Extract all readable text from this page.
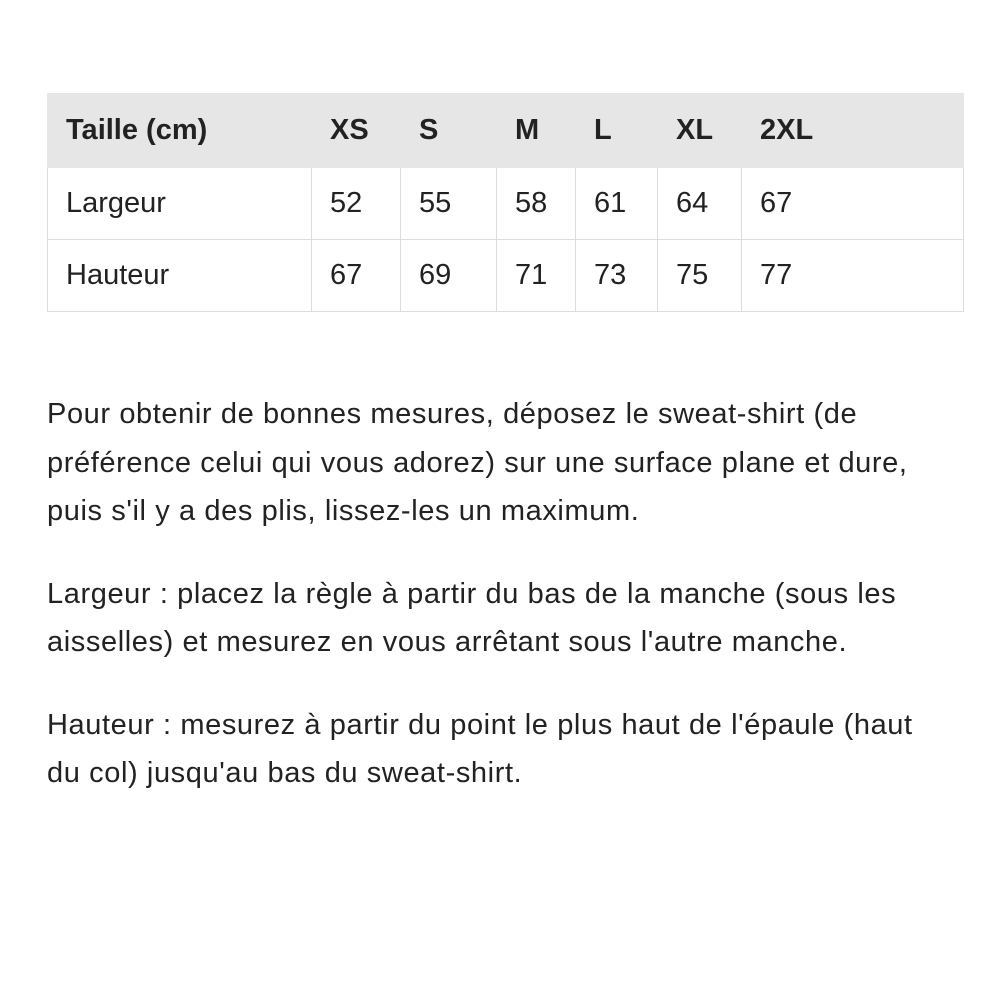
Taille (cm)	XS	S	M	L	XL	2XL
Largeur	52	55	58	61	64	67
Hauteur	67	69	71	73	75	77

Pour obtenir de bonnes mesures, déposez le sweat-shirt (de préférence celui qui vous adorez) sur une surface plane et dure, puis s'il y a des plis, lissez-les un maximum.

Largeur : placez la règle à partir du bas de la manche (sous les aisselles) et mesurez en vous arrêtant sous l'autre manche.

Hauteur : mesurez à partir du point le plus haut de l'épaule (haut du col) jusqu'au bas du sweat-shirt.
